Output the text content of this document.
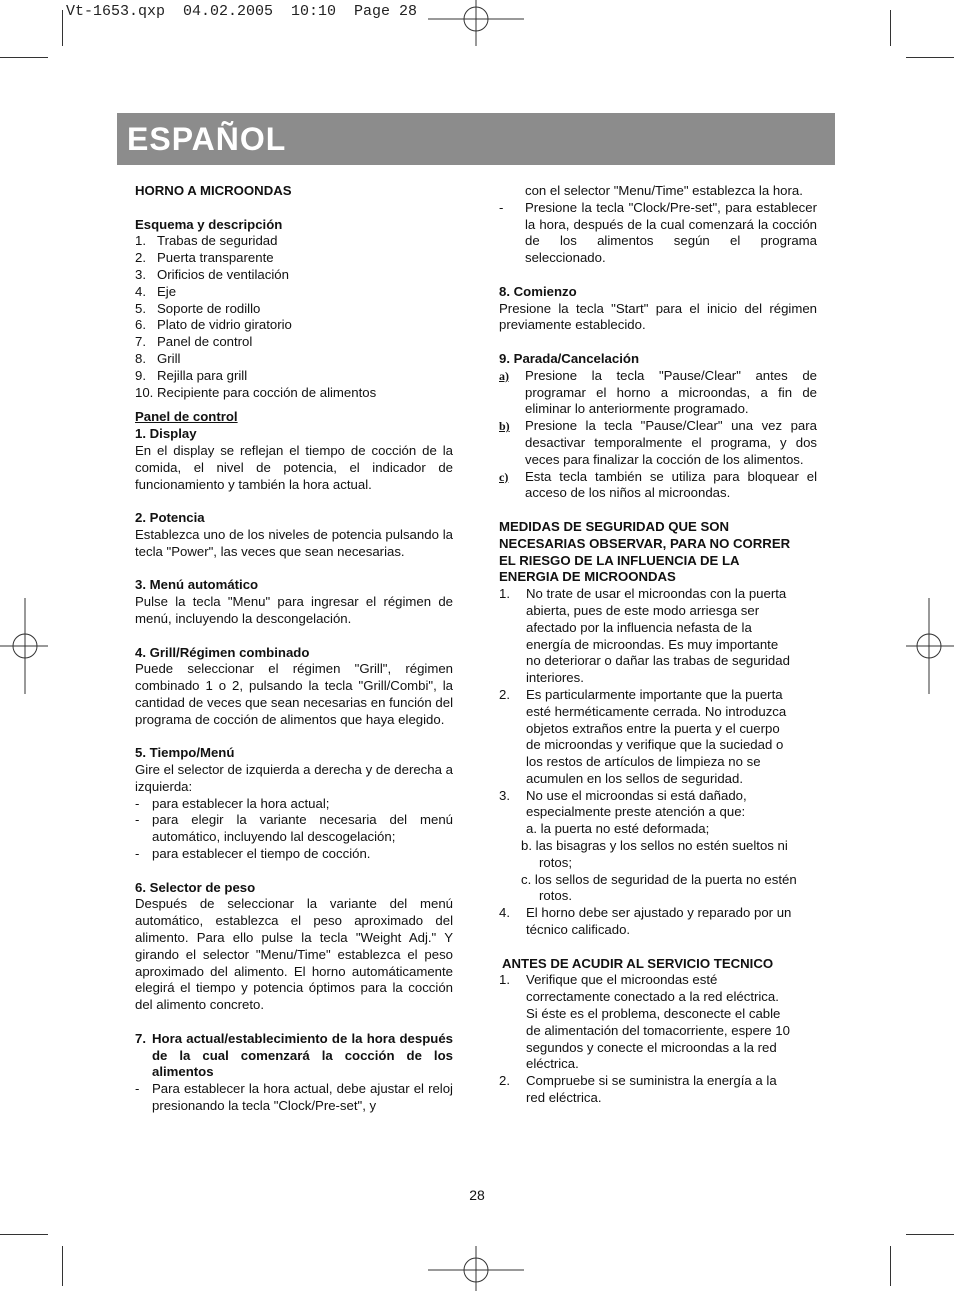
Vt-1653.qxp  04.02.2005  10:10  Page 28
ESPAÑOL

HORNO A MICROONDAS

Esquema y descripción

1. Trabas de seguridad
2. Puerta transparente
3. Orificios de ventilación
4. Eje
5. Soporte de rodillo
6. Plato de vidrio giratorio
7. Panel de control
8. Grill
9. Rejilla para grill

10. Recipiente para cocción de alimentos

Panel de control

1. Display

En el display se reflejan el tiempo de cocción de la comida, el nivel de potencia, el indicador de funcionamiento y también la hora actual.

2. Potencia

Establezca uno de los niveles de potencia pulsando la tecla "Power", las veces que sean necesarias.

3. Menú automático

Pulse la tecla "Menu" para ingresar el régimen de menú, incluyendo la descongelación.

4. Grill/Régimen combinado

Puede seleccionar el régimen "Grill", régimen combinado 1 o 2, pulsando la tecla "Grill/Combi", la cantidad de veces que sean necesarias en función del programa de cocción de alimentos que haya elegido.

5. Tiempo/Menú

Gire el selector de izquierda a derecha y de derecha a izquierda:

- para establecer la hora actual;
- para elegir la variante necesaria del menú automático, incluyendo lal descogelación;
- para establecer el tiempo de cocción.

6. Selector de peso

Después de seleccionar la variante del menú automático, establezca el peso aproximado del alimento. Para ello pulse la tecla "Weight Adj." Y girando el selector "Menu/Time" establezca el peso aproximado del alimento. El horno automáticamente elegirá el tiempo y potencia óptimos para la cocción del alimento concreto.

7. Hora actual/establecimiento de la hora después de la cual comenzará la cocción de los alimentos
- Para establecer la hora actual, debe ajustar el reloj presionando la tecla "Clock/Pre-set", y

con el selector "Menu/Time" establezca la hora.

- Presione la tecla "Clock/Pre-set", para establecer la hora, después de la cual comenzará la cocción de los alimentos según el programa seleccionado.

8. Comienzo

Presione la tecla "Start" para el inicio del régimen previamente establecido.

9. Parada/Cancelación

a) Presione la tecla "Pause/Clear" antes de programar el horno a microondas, a fin de eliminar lo anteriormente programado.
b) Presione la tecla "Pause/Clear" una vez para desactivar temporalmente el programa, y dos veces para finalizar la cocción de los alimentos.
c) Esta tecla también se utiliza para bloquear el acceso de los niños al microondas.

MEDIDAS DE SEGURIDAD QUE SON

NECESARIAS OBSERVAR, PARA NO CORRER

EL RIESGO DE LA INFLUENCIA DE LA

ENERGIA DE MICROONDAS

1. No trate de usar el microondas con la puerta

abierta, pues de este modo arriesga ser

afectado por la influencia nefasta de la

energía de microondas. Es muy importante

no deteriorar o dañar las trabas de seguridad

interiores.

2. Es particularmente importante que la puerta

esté herméticamente cerrada. No introduzca

objetos extraños entre la puerta y el cuerpo

de microondas y verifique que la suciedad o

los restos de artículos de limpieza no se

acumulen en los sellos de seguridad.

3. No use el microondas si está dañado,

especialmente preste atención a que:

a. la puerta no esté deformada;

b. las bisagras y los sellos no estén sueltos ni rotos;

c. los sellos de seguridad de la puerta no estén rotos.

4. El horno debe ser ajustado y reparado por un

técnico calificado.

ANTES DE ACUDIR AL SERVICIO TECNICO

1. Verifique que el microondas esté

correctamente conectado a la red eléctrica.

Si éste es el problema, desconecte el cable

de alimentación del tomacorriente, espere 10

segundos y conecte el microondas a la red

eléctrica.

2. Compruebe si se suministra la energía a la

red eléctrica.

28
